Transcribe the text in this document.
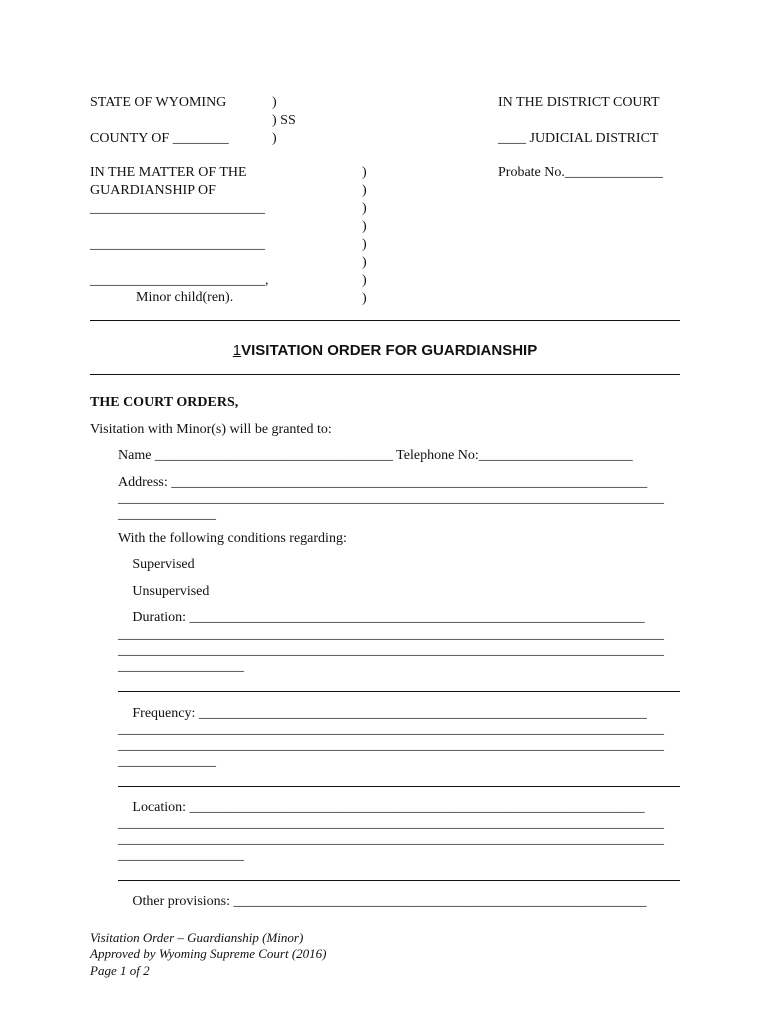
STATE OF WYOMING	)
) SS
COUNTY OF ________	)
IN THE DISTRICT COURT
____ JUDICIAL DISTRICT
IN THE MATTER OF THE
GUARDIANSHIP OF
_________________________
_________________________
_________________________,
Minor child(ren).
)
)
)
)
)
)
)
)
Probate No.______________
1VISITATION ORDER FOR GUARDIANSHIP
THE COURT ORDERS,
Visitation with Minor(s) will be granted to:
Name __________________________________ Telephone No:______________________
Address: ____________________________________________________________________
______________________________________________________________________________
______________
With the following conditions regarding:
  Supervised
  Unsupervised
  Duration: _________________________________________________________________
______________________________________________________________________________
______________________________________________________________________________
__________________
  Frequency: ________________________________________________________________
______________________________________________________________________________
______________________________________________________________________________
______________
  Location: _________________________________________________________________
______________________________________________________________________________
______________________________________________________________________________
__________________
  Other provisions: ___________________________________________________________
Visitation Order – Guardianship (Minor)
Approved by Wyoming Supreme Court (2016)
Page 1 of 2
